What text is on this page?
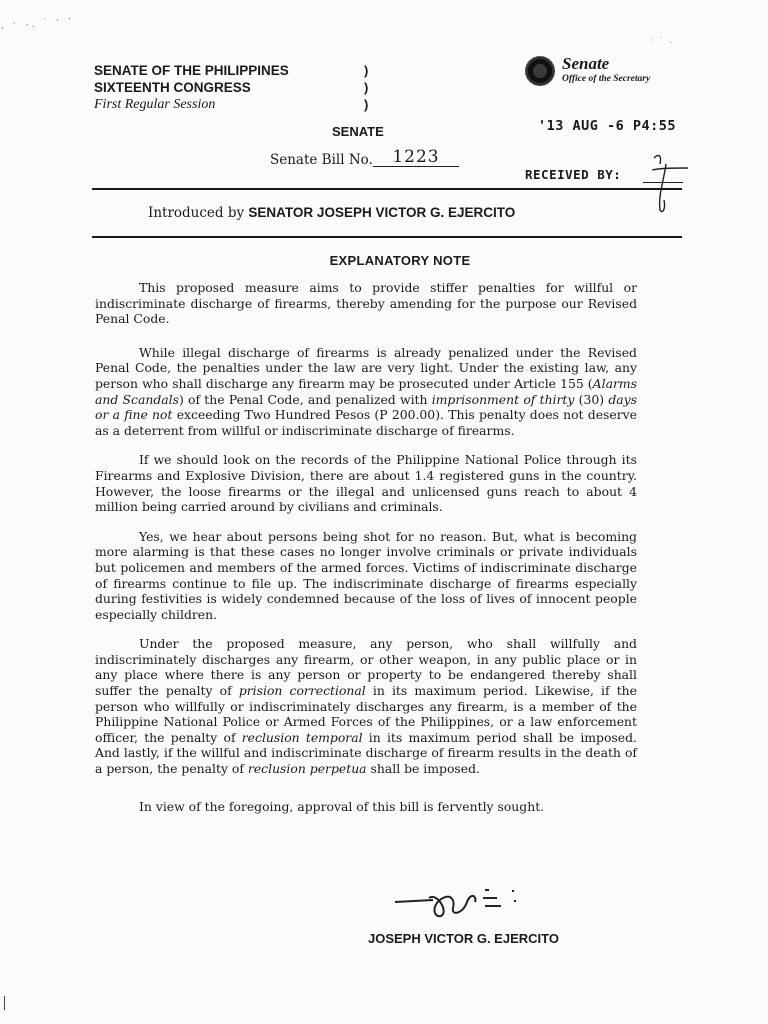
· ˙ ·. ˙ · ·
SENATE OF THE PHILIPPINES
SIXTEENTH CONGRESS
First Regular Session
)
)
)
Senate
Office of the Secretary
· ˙ . ·
SENATE	'13 AUG -6 P4:55
Senate Bill No.	1223
RECEIVED BY:
Introduced by SENATOR JOSEPH VICTOR G. EJERCITO
EXPLANATORY NOTE

This proposed measure aims to provide stiffer penalties for willful or indiscriminate discharge of firearms, thereby amending for the purpose our Revised Penal Code.

While illegal discharge of firearms is already penalized under the Revised Penal Code, the penalties under the law are very light. Under the existing law, any person who shall discharge any firearm may be prosecuted under Article 155 (Alarms and Scandals) of the Penal Code, and penalized with imprisonment of thirty (30) days or a fine not exceeding Two Hundred Pesos (P 200.00). This penalty does not deserve as a deterrent from willful or indiscriminate discharge of firearms.

If we should look on the records of the Philippine National Police through its Firearms and Explosive Division, there are about 1.4 registered guns in the country. However, the loose firearms or the illegal and unlicensed guns reach to about 4 million being carried around by civilians and criminals.

Yes, we hear about persons being shot for no reason. But, what is becoming more alarming is that these cases no longer involve criminals or private individuals but policemen and members of the armed forces. Victims of indiscriminate discharge of firearms continue to file up. The indiscriminate discharge of firearms especially during festivities is widely condemned because of the loss of lives of innocent people especially children.

Under the proposed measure, any person, who shall willfully and indiscriminately discharges any firearm, or other weapon, in any public place or in any place where there is any person or property to be endangered thereby shall suffer the penalty of prision correctional in its maximum period. Likewise, if the person who willfully or indiscriminately discharges any firearm, is a member of the Philippine National Police or Armed Forces of the Philippines, or a law enforcement officer, the penalty of reclusion temporal in its maximum period shall be imposed. And lastly, if the willful and indiscriminate discharge of firearm results in the death of a person, the penalty of reclusion perpetua shall be imposed.

In view of the foregoing, approval of this bill is fervently sought.

JOSEPH VICTOR G. EJERCITO
